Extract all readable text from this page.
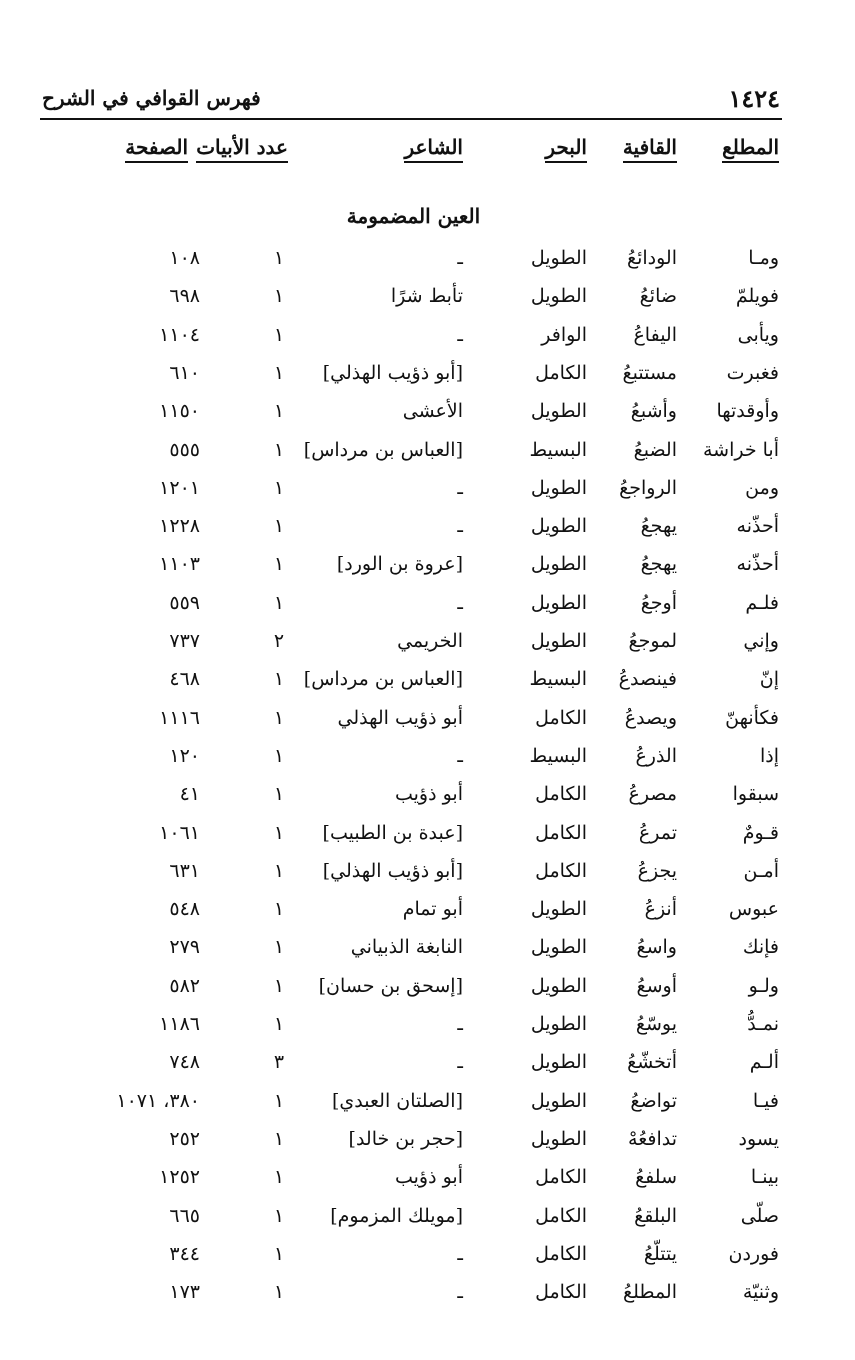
١٤٢٤
فهرس القوافي في الشرح
المطلع
القافية
البحر
الشاعر
عدد الأبيات
الصفحة
العين المضمومة
ومـا
الودائعُ
الطويل
ـ
١
١٠٨
فويلمّ
ضائعُ
الطويل
تأبط شرًا
١
٦٩٨
ويأبى
اليفاعُ
الوافر
ـ
١
١١٠٤
فغبرت
مستتبعُ
الكامل
[أبو ذؤيب الهذلي]
١
٦١٠
وأوقدتها
وأشبعُ
الطويل
الأعشى
١
١١٥٠
أبا خراشة
الضبعُ
البسيط
[العباس بن مرداس]
١
٥٥٥
ومن
الرواجعُ
الطويل
ـ
١
١٢٠١
أحذّنه
يهجعُ
الطويل
ـ
١
١٢٢٨
أحذّنه
يهجعُ
الطويل
[عروة بن الورد]
١
١١٠٣
فلـم
أوجعُ
الطويل
ـ
١
٥٥٩
وإني
لموجعُ
الطويل
الخريمي
٢
٧٣٧
إنّ
فينصدعُ
البسيط
[العباس بن مرداس]
١
٤٦٨
فكأنهنّ
ويصدعُ
الكامل
أبو ذؤيب الهذلي
١
١١١٦
إذا
الذرعُ
البسيط
ـ
١
١٢٠
سبقوا
مصرعُ
الكامل
أبو ذؤيب
١
٤١
قـومٌ
تمرعُ
الكامل
[عبدة بن الطبيب]
١
١٠٦١
أمـن
يجزعُ
الكامل
[أبو ذؤيب الهذلي]
١
٦٣١
عبوس
أنزعُ
الطويل
أبو تمام
١
٥٤٨
فإنك
واسعُ
الطويل
النابغة الذبياني
١
٢٧٩
ولـو
أوسعُ
الطويل
[إسحق بن حسان]
١
٥٨٢
نمـدُّ
يوسّعُ
الطويل
ـ
١
١١٨٦
ألـم
أتخشّعُ
الطويل
ـ
٣
٧٤٨
فيـا
تواضعُ
الطويل
[الصلتان العبدي]
١
٣٨٠، ١٠٧١
يسود
تدافعُهْ
الطويل
[حجر بن خالد]
١
٢٥٢
بينـا
سلفعُ
الكامل
أبو ذؤيب
١
١٢٥٢
صلّى
البلقعُ
الكامل
[مويلك المزموم]
١
٦٦٥
فوردن
يتتلّعُ
الكامل
ـ
١
٣٤٤
وثنيّة
المطلعُ
الكامل
ـ
١
١٧٣
